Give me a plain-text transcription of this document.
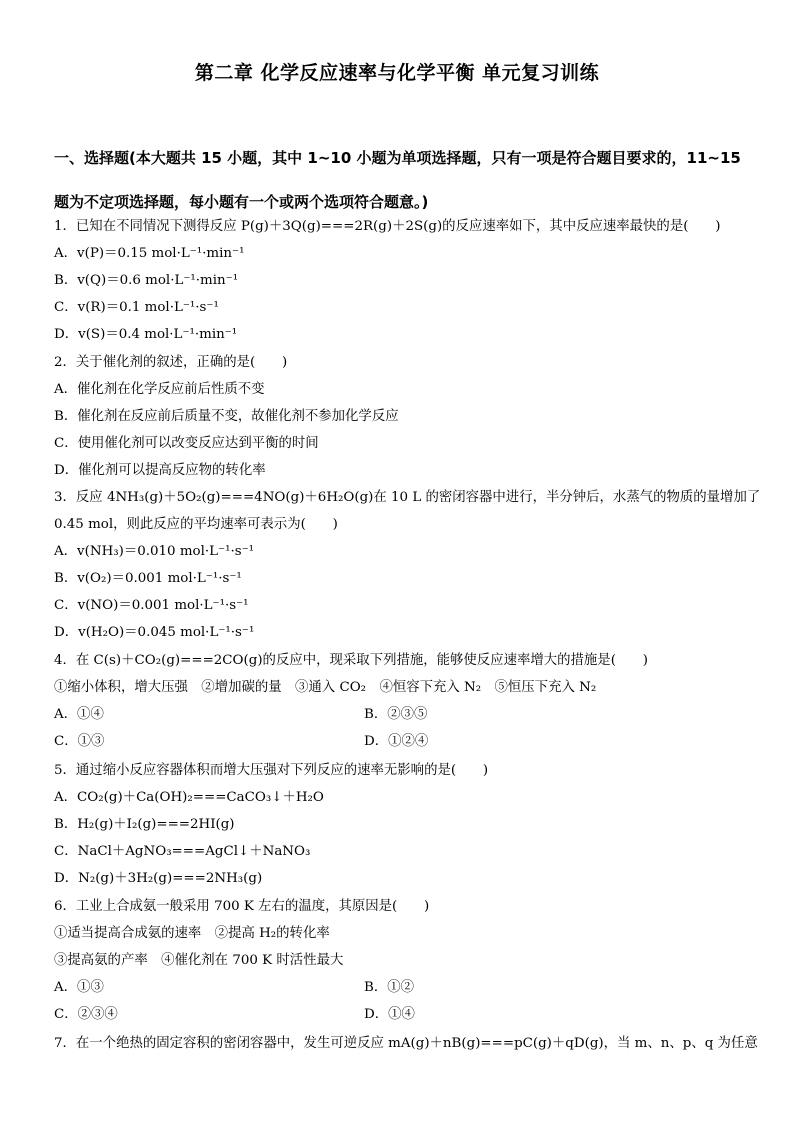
第二章 化学反应速率与化学平衡 单元复习训练
一、选择题(本大题共 15 小题，其中 1~10 小题为单项选择题，只有一项是符合题目要求的，11~15
题为不定项选择题，每小题有一个或两个选项符合题意。)
1．已知在不同情况下测得反应 P(g)＋3Q(g)===2R(g)＋2S(g)的反应速率如下，其中反应速率最快的是(　　)
A．v(P)＝0.15 mol·L⁻¹·min⁻¹
B．v(Q)＝0.6 mol·L⁻¹·min⁻¹
C．v(R)＝0.1 mol·L⁻¹·s⁻¹
D．v(S)＝0.4 mol·L⁻¹·min⁻¹
2．关于催化剂的叙述，正确的是(　　)
A．催化剂在化学反应前后性质不变
B．催化剂在反应前后质量不变，故催化剂不参加化学反应
C．使用催化剂可以改变反应达到平衡的时间
D．催化剂可以提高反应物的转化率
3．反应 4NH₃(g)＋5O₂(g)===4NO(g)＋6H₂O(g)在 10 L 的密闭容器中进行，半分钟后，水蒸气的物质的量增加了
0.45 mol，则此反应的平均速率可表示为(　　)
A．v(NH₃)＝0.010 mol·L⁻¹·s⁻¹
B．v(O₂)＝0.001 mol·L⁻¹·s⁻¹
C．v(NO)＝0.001 mol·L⁻¹·s⁻¹
D．v(H₂O)＝0.045 mol·L⁻¹·s⁻¹
4．在 C(s)＋CO₂(g)===2CO(g)的反应中，现采取下列措施，能够使反应速率增大的措施是(　　)
①缩小体积，增大压强　②增加碳的量　③通入 CO₂　④恒容下充入 N₂　⑤恒压下充入 N₂
A．①④	B．②③⑤
C．①③	D．①②④
5．通过缩小反应容器体积而增大压强对下列反应的速率无影响的是(　　)
A．CO₂(g)＋Ca(OH)₂===CaCO₃↓＋H₂O
B．H₂(g)＋I₂(g)===2HI(g)
C．NaCl＋AgNO₃===AgCl↓＋NaNO₃
D．N₂(g)＋3H₂(g)===2NH₃(g)
6．工业上合成氨一般采用 700 K 左右的温度，其原因是(　　)
①适当提高合成氨的速率　②提高 H₂的转化率
③提高氨的产率　④催化剂在 700 K 时活性最大
A．①③	B．①②
C．②③④	D．①④
7．在一个绝热的固定容积的密闭容器中，发生可逆反应 mA(g)＋nB(g)===pC(g)＋qD(g)，当 m、n、p、q 为任意
